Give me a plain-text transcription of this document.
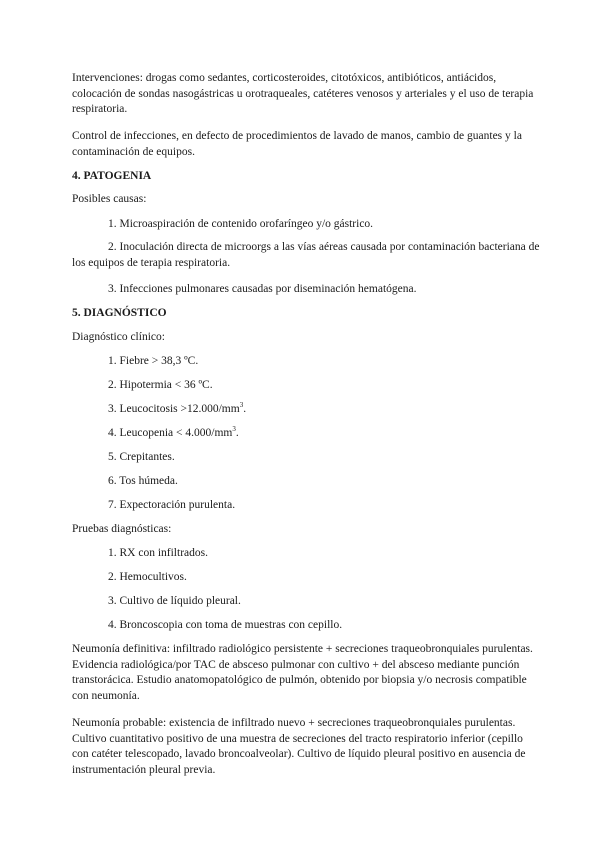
Intervenciones: drogas como sedantes, corticosteroides, citotóxicos, antibióticos, antiácidos, colocación de sondas nasogástricas u orotraqueales, catéteres venosos y arteriales y el uso de terapia respiratoria.

Control de infecciones, en defecto de procedimientos de lavado de manos, cambio de guantes y la contaminación de equipos.

4. PATOGENIA

Posibles causas:

1. Microaspiración de contenido orofaríngeo y/o gástrico.

2. Inoculación directa de microorgs a las vías aéreas causada por contaminación bacteriana de los equipos de terapia respiratoria.

3. Infecciones pulmonares causadas por diseminación hematógena.

5. DIAGNÓSTICO

Diagnóstico clínico:

1. Fiebre > 38,3 ºC.

2. Hipotermia < 36 ºC.

3. Leucocitosis $>12.000/mm^3$.

4. Leucopenia < $4.000/mm^3$.

5. Crepitantes.

6. Tos húmeda.

7. Expectoración purulenta.

Pruebas diagnósticas:

1. RX con infiltrados.

2. Hemocultivos.

3. Cultivo de líquido pleural.

4. Broncoscopia con toma de muestras con cepillo.

Neumonía definitiva: infiltrado radiológico persistente + secreciones traqueobronquiales purulentas. Evidencia radiológica/por TAC de absceso pulmonar con cultivo + del absceso mediante punción transtorácica. Estudio anatomopatológico de pulmón, obtenido por biopsia y/o necrosis compatible con neumonía.

Neumonía probable: existencia de infiltrado nuevo + secreciones traqueobronquiales purulentas. Cultivo cuantitativo positivo de una muestra de secreciones del tracto respiratorio inferior (cepillo con catéter telescopado, lavado broncoalveolar). Cultivo de líquido pleural positivo en ausencia de instrumentación pleural previa.
